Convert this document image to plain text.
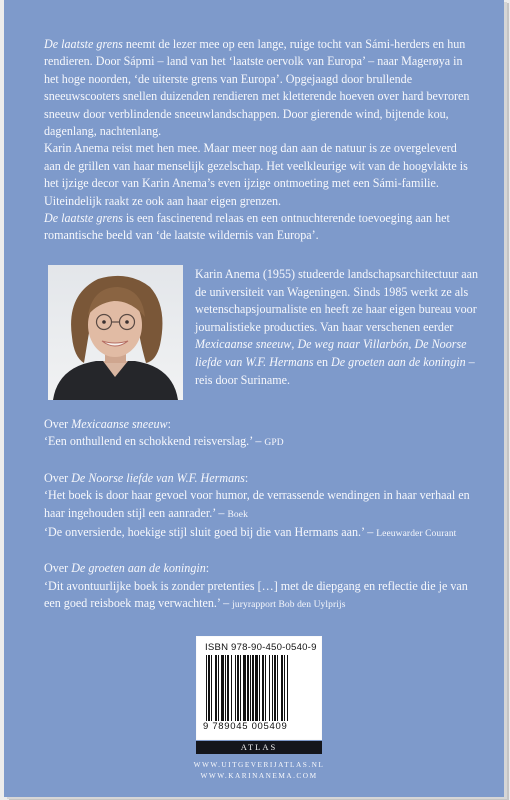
De laatste grens neemt de lezer mee op een lange, ruige tocht van Sámi-herders en hun rendieren. Door Sápmi – land van het ‘laatste oervolk van Europa’ – naar Magerøya in het hoge noorden, ‘de uiterste grens van Europa’. Opgejaagd door brullende sneeuwscooters snellen duizenden rendieren met kletterende hoeven over hard bevroren sneeuw door verblindende sneeuwlandschappen. Door gierende wind, bijtende kou, dagenlang, nachtenlang.

Karin Anema reist met hen mee. Maar meer nog dan aan de natuur is ze overgeleverd aan de grillen van haar menselijk gezelschap. Het veelkleurige wit van de hoogvlakte is het ijzige decor van Karin Anema’s even ijzige ontmoeting met een Sámi-familie. Uiteindelijk raakt ze ook aan haar eigen grenzen.

De laatste grens is een fascinerend relaas en een ontnuchterende toevoeging aan het romantische beeld van ‘de laatste wildernis van Europa’.

Karin Anema (1955) studeerde landschapsarchitectuur aan de universiteit van Wageningen. Sinds 1985 werkt ze als wetenschapsjournaliste en heeft ze haar eigen bureau voor journalistieke producties. Van haar verschenen eerder Mexicaanse sneeuw, De weg naar Villarbón, De Noorse liefde van W.F. Hermans en De groeten aan de koningin – reis door Suriname.
Over Mexicaanse sneeuw:
‘Een onthullend en schokkend reisverslag.’ – GPD
Over De Noorse liefde van W.F. Hermans:
‘Het boek is door haar gevoel voor humor, de verrassende wendingen in haar verhaal en haar ingehouden stijl een aanrader.’ – Boek
‘De onversierde, hoekige stijl sluit goed bij die van Hermans aan.’ – Leeuwarder Courant
Over De groeten aan de koningin:
‘Dit avontuurlijke boek is zonder pretenties […] met de diepgang en reflectie die je van een goed reisboek mag verwachten.’ – juryrapport Bob den Uylprijs
ISBN 978-90-450-0540-9
9 789045 005409
ATLAS
WWW.UITGEVERIJATLAS.NL
WWW.KARINANEMA.COM
